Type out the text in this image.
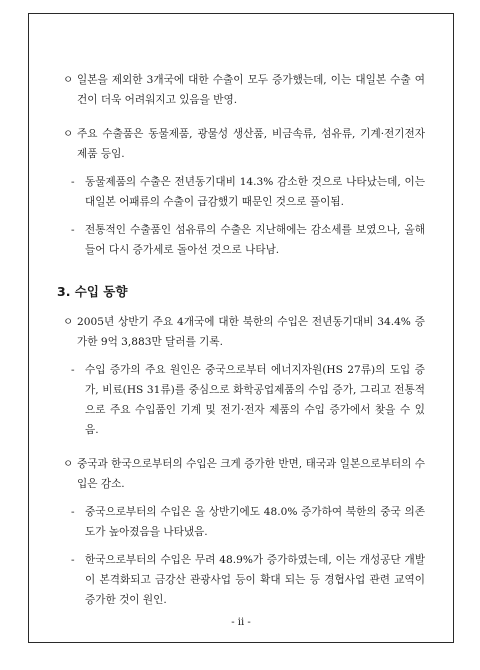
ㅇ 일본을 제외한 3개국에 대한 수출이 모두 증가했는데, 이는 대일본 수출 여건이 더욱 어려워지고 있음을 반영.
ㅇ 주요 수출품은 동물제품, 광물성 생산품, 비금속류, 섬유류, 기계·전기전자 제품 등임.
- 동물제품의 수출은 전년동기대비 14.3% 감소한 것으로 나타났는데, 이는 대일본 어패류의 수출이 급감했기 때문인 것으로 풀이됨.
- 전통적인 수출품인 섬유류의 수출은 지난해에는 감소세를 보였으나, 올해 들어 다시 증가세로 돌아선 것으로 나타남.
3. 수입 동향
ㅇ 2005년 상반기 주요 4개국에 대한 북한의 수입은 전년동기대비 34.4% 증가한 9억 3,883만 달러를 기록.
- 수입 증가의 주요 원인은 중국으로부터 에너지자원(HS 27류)의 도입 증가, 비료(HS 31류)를 중심으로 화학공업제품의 수입 증가, 그리고 전통적으로 주요 수입품인 기계 및 전기·전자 제품의 수입 증가에서 찾을 수 있음.
ㅇ 중국과 한국으로부터의 수입은 크게 증가한 반면, 태국과 일본으로부터의 수입은 감소.
- 중국으로부터의 수입은 올 상반기에도 48.0% 증가하여 북한의 중국 의존도가 높아졌음을 나타냈음.
- 한국으로부터의 수입은 무려 48.9%가 증가하였는데, 이는 개성공단 개발이 본격화되고 금강산 관광사업 등이 확대 되는 등 경협사업 관련 교역이 증가한 것이 원인.
- ii -
